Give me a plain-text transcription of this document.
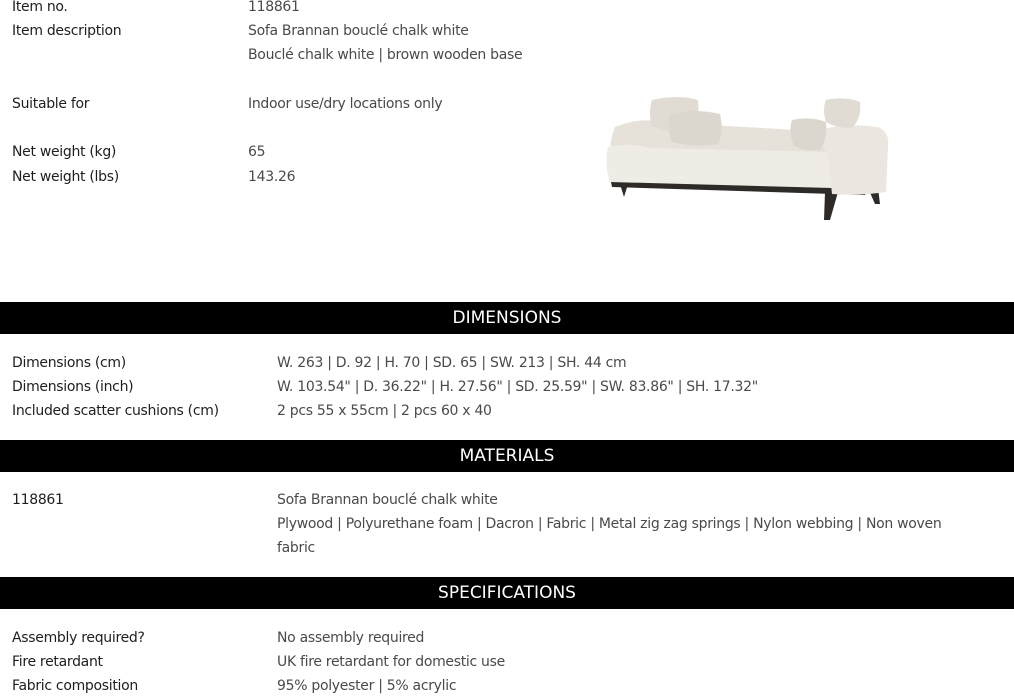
Item no.	118861
Item description	Sofa Brannan bouclé chalk white
Bouclé chalk white | brown wooden base
Suitable for	Indoor use/dry locations only
Net weight (kg)	65
Net weight (lbs)	143.26
DIMENSIONS
Dimensions (cm)	W. 263 | D. 92 | H. 70 | SD. 65 | SW. 213 | SH. 44 cm
Dimensions (inch)	W. 103.54" | D. 36.22" | H. 27.56" | SD. 25.59" | SW. 83.86" | SH. 17.32"
Included scatter cushions (cm)	2 pcs 55 x 55cm | 2 pcs 60 x 40
MATERIALS
118861	Sofa Brannan bouclé chalk white
Plywood | Polyurethane foam | Dacron | Fabric | Metal zig zag springs | Nylon webbing | Non woven
fabric
SPECIFICATIONS
Assembly required?	No assembly required
Fire retardant	UK fire retardant for domestic use
Fabric composition	95% polyester | 5% acrylic
